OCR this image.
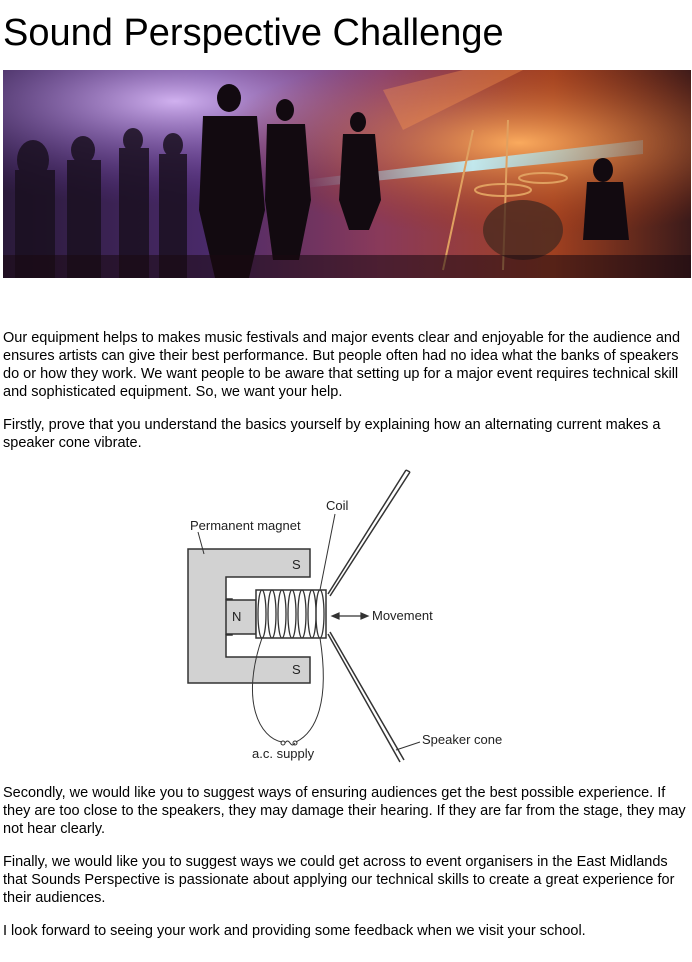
Sound Perspective Challenge

Our equipment helps to makes music festivals and major events clear and enjoyable for the audience and ensures artists can give their best performance. But people often had no idea what the banks of speakers do or how they work. We want people to be aware that setting up for a major event requires technical skill and sophisticated equipment. So, we want your help.

Firstly, prove that you understand the basics yourself by explaining how an alternating current makes a speaker cone vibrate.

Coil
Permanent magnet
S
N
S
Movement
a.c. supply
Speaker cone

Secondly, we would like you to suggest ways of ensuring audiences get the best possible experience. If they are too close to the speakers, they may damage their hearing. If they are far from the stage, they may not hear clearly.

Finally, we would like you to suggest ways we could get across to event organisers in the East Midlands that Sounds Perspective is passionate about applying our technical skills to create a great experience for their audiences.

I look forward to seeing your work and providing some feedback when we visit your school.
